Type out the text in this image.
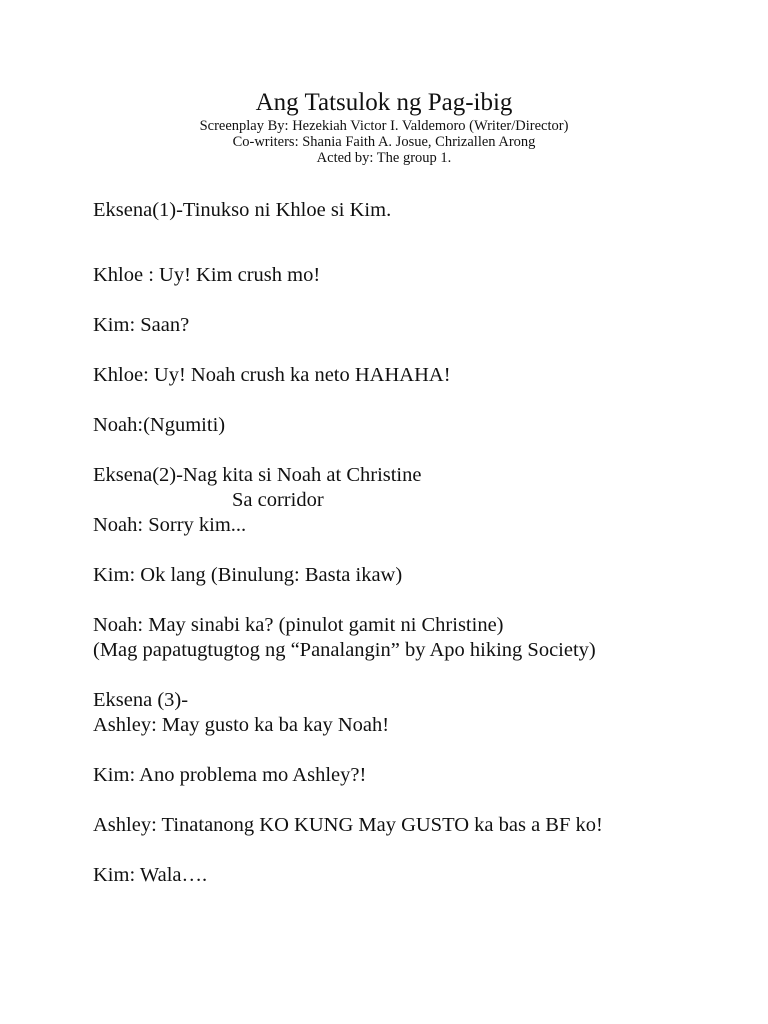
Ang Tatsulok ng Pag-ibig
Screenplay By: Hezekiah Victor I. Valdemoro (Writer/Director)
Co-writers: Shania Faith A. Josue, Chrizallen Arong
Acted by: The group 1.
Eksena(1)-Tinukso ni Khloe si Kim.
Khloe : Uy! Kim crush mo!
Kim: Saan?
Khloe: Uy! Noah crush ka neto HAHAHA!
Noah:(Ngumiti)
Eksena(2)-Nag kita si Noah at Christine
Sa corridor
Noah: Sorry kim...
Kim: Ok lang (Binulung: Basta ikaw)
Noah: May sinabi ka? (pinulot gamit ni Christine)
(Mag papatugtugtog ng “Panalangin” by Apo hiking Society)
Eksena (3)-
Ashley: May gusto ka ba kay Noah!
Kim: Ano problema mo Ashley?!
Ashley: Tinatanong KO KUNG May GUSTO ka bas a BF ko!
Kim: Wala….
